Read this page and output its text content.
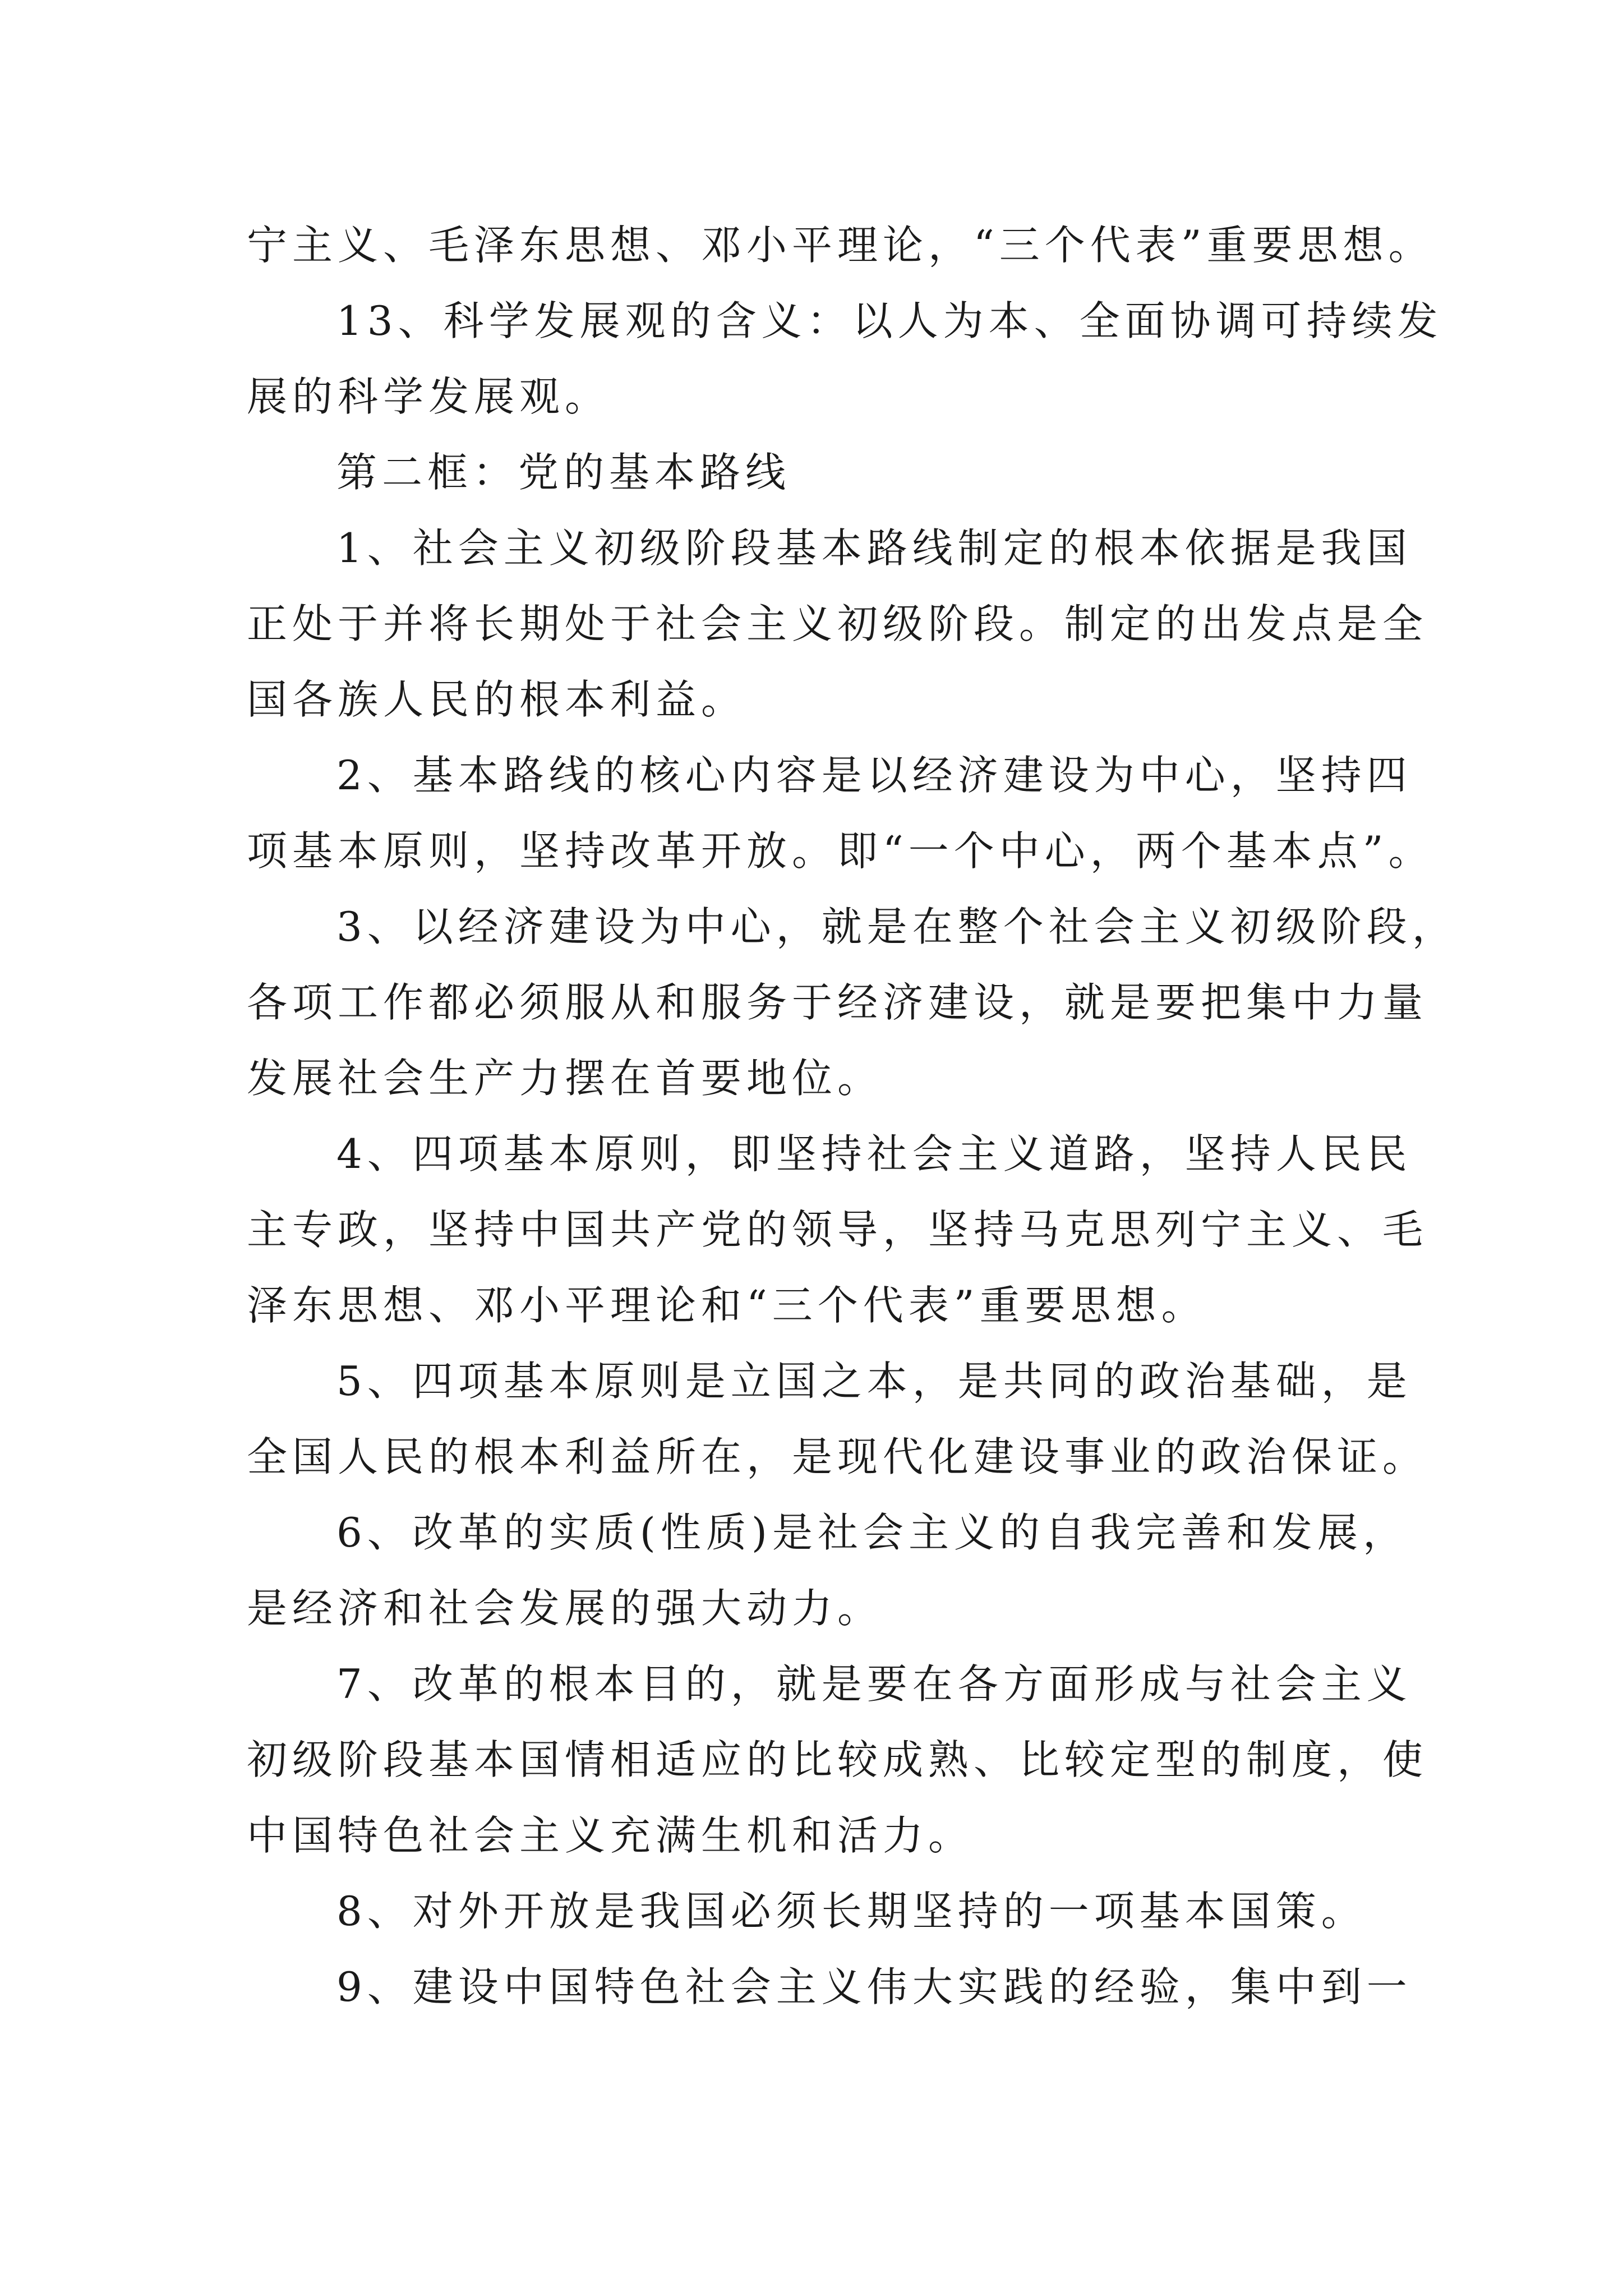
宁主义、毛泽东思想、邓小平理论，“三个代表”重要思想。
13、科学发展观的含义：以人为本、全面协调可持续发
展的科学发展观。
第二框：党的基本路线
1、社会主义初级阶段基本路线制定的根本依据是我国
正处于并将长期处于社会主义初级阶段。制定的出发点是全
国各族人民的根本利益。
2、基本路线的核心内容是以经济建设为中心，坚持四
项基本原则，坚持改革开放。即“一个中心，两个基本点”。
3、以经济建设为中心，就是在整个社会主义初级阶段，
各项工作都必须服从和服务于经济建设，就是要把集中力量
发展社会生产力摆在首要地位。
4、四项基本原则，即坚持社会主义道路，坚持人民民
主专政，坚持中国共产党的领导，坚持马克思列宁主义、毛
泽东思想、邓小平理论和“三个代表”重要思想。
5、四项基本原则是立国之本，是共同的政治基础，是
全国人民的根本利益所在，是现代化建设事业的政治保证。
6、改革的实质(性质)是社会主义的自我完善和发展，
是经济和社会发展的强大动力。
7、改革的根本目的，就是要在各方面形成与社会主义
初级阶段基本国情相适应的比较成熟、比较定型的制度，使
中国特色社会主义充满生机和活力。
8、对外开放是我国必须长期坚持的一项基本国策。
9、建设中国特色社会主义伟大实践的经验，集中到一
